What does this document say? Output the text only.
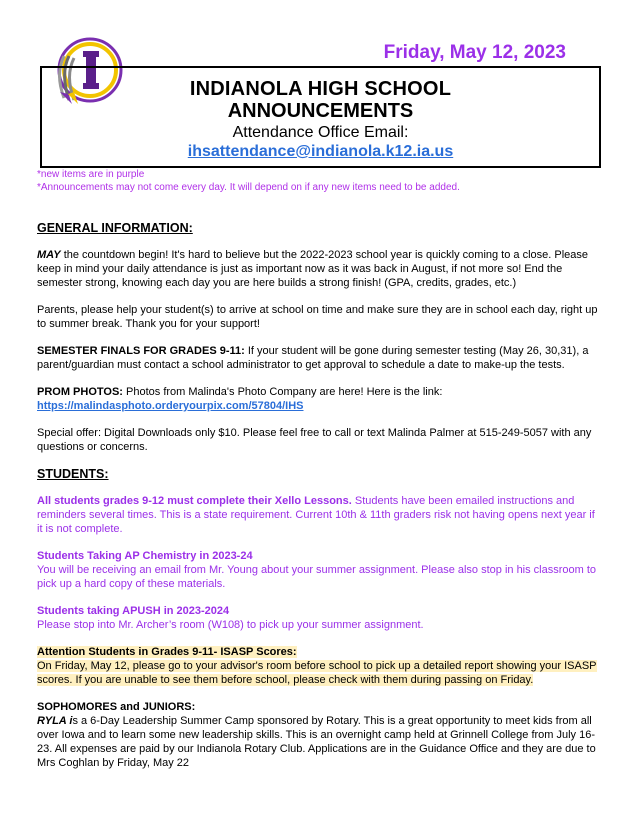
Friday, May 12, 2023
INDIANOLA HIGH SCHOOL
ANNOUNCEMENTS
Attendance Office Email:
ihsattendance@indianola.k12.ia.us
*new items are in purple
*Announcements may not come every day. It will depend on if any new items need to be added.
GENERAL INFORMATION:

MAY the countdown begin! It's hard to believe but the 2022-2023 school year is quickly coming to a close. Please keep in mind your daily attendance is just as important now as it was back in August, if not more so! End the semester strong, knowing each day you are here builds a strong finish! (GPA, credits, grades, etc.)

Parents, please help your student(s) to arrive at school on time and make sure they are in school each day, right up to summer break. Thank you for your support!

SEMESTER FINALS FOR GRADES 9-11: If your student will be gone during semester testing (May 26, 30,31), a parent/guardian must contact a school administrator to get approval to schedule a date to make-up the tests.

PROM PHOTOS: Photos from Malinda's Photo Company are here! Here is the link:
https://malindasphoto.orderyourpix.com/57804/IHS

Special offer: Digital Downloads only $10. Please feel free to call or text Malinda Palmer at 515-249-5057 with any questions or concerns.

STUDENTS:

All students grades 9-12 must complete their Xello Lessons. Students have been emailed instructions and reminders several times. This is a state requirement. Current 10th & 11th graders risk not having opens next year if it is not complete.

Students Taking AP Chemistry in 2023-24
You will be receiving an email from Mr. Young about your summer assignment. Please also stop in his classroom to pick up a hard copy of these materials.

Students taking APUSH in 2023-2024
Please stop into Mr. Archer’s room (W108) to pick up your summer assignment.

Attention Students in Grades 9-11- ISASP Scores:
On Friday, May 12, please go to your advisor's room before school to pick up a detailed report showing your ISASP scores. If you are unable to see them before school, please check with them during passing on Friday.

SOPHOMORES and JUNIORS:
RYLA is a 6-Day Leadership Summer Camp sponsored by Rotary. This is a great opportunity to meet kids from all over Iowa and to learn some new leadership skills. This is an overnight camp held at Grinnell College from July 16-23. All expenses are paid by our Indianola Rotary Club. Applications are in the Guidance Office and they are due to Mrs Coghlan by Friday, May 22
